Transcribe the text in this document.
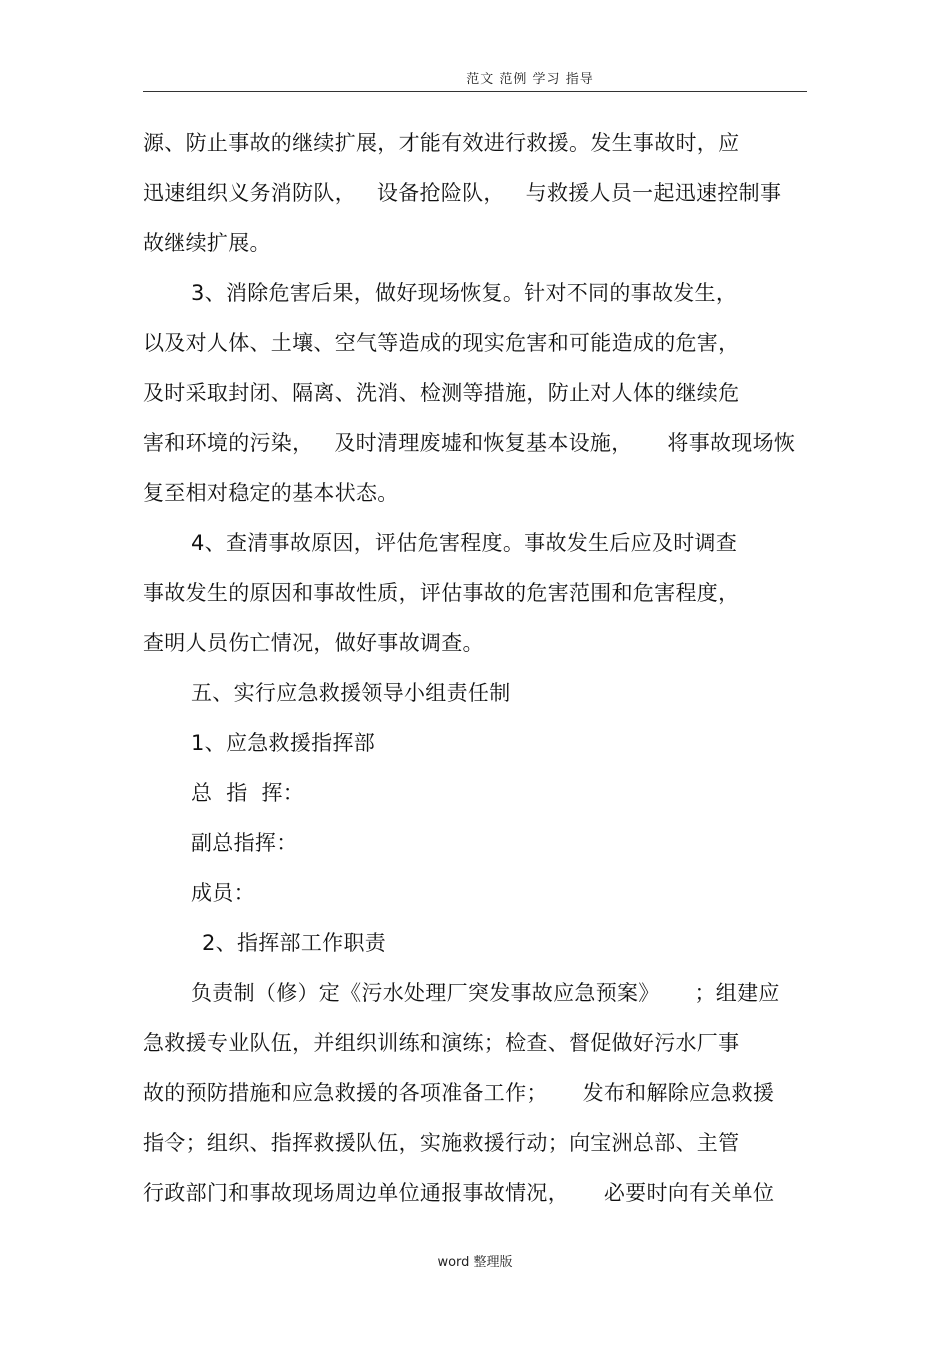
范文 范例 学习 指导
源、防止事故的继续扩展，才能有效进行救援。发生事故时，应
迅速组织义务消防队，   设备抢险队，   与救援人员一起迅速控制事
故继续扩展。
3、消除危害后果，做好现场恢复。针对不同的事故发生，
以及对人体、土壤、空气等造成的现实危害和可能造成的危害，
及时采取封闭、隔离、洗消、检测等措施，防止对人体的继续危
害和环境的污染，   及时清理废墟和恢复基本设施，     将事故现场恢
复至相对稳定的基本状态。
4、查清事故原因，评估危害程度。事故发生后应及时调查
事故发生的原因和事故性质，评估事故的危害范围和危害程度，
查明人员伤亡情况，做好事故调查。
五、实行应急救援领导小组责任制
1、应急救援指挥部
总  指  挥：
副总指挥：
成员：
2、指挥部工作职责
负责制（修）定《污水处理厂突发事故应急预案》     ；组建应
急救援专业队伍，并组织训练和演练；检查、督促做好污水厂事
故的预防措施和应急救援的各项准备工作；     发布和解除应急救援
指令；组织、指挥救援队伍，实施救援行动；向宝洲总部、主管
行政部门和事故现场周边单位通报事故情况，     必要时向有关单位
word 整理版
